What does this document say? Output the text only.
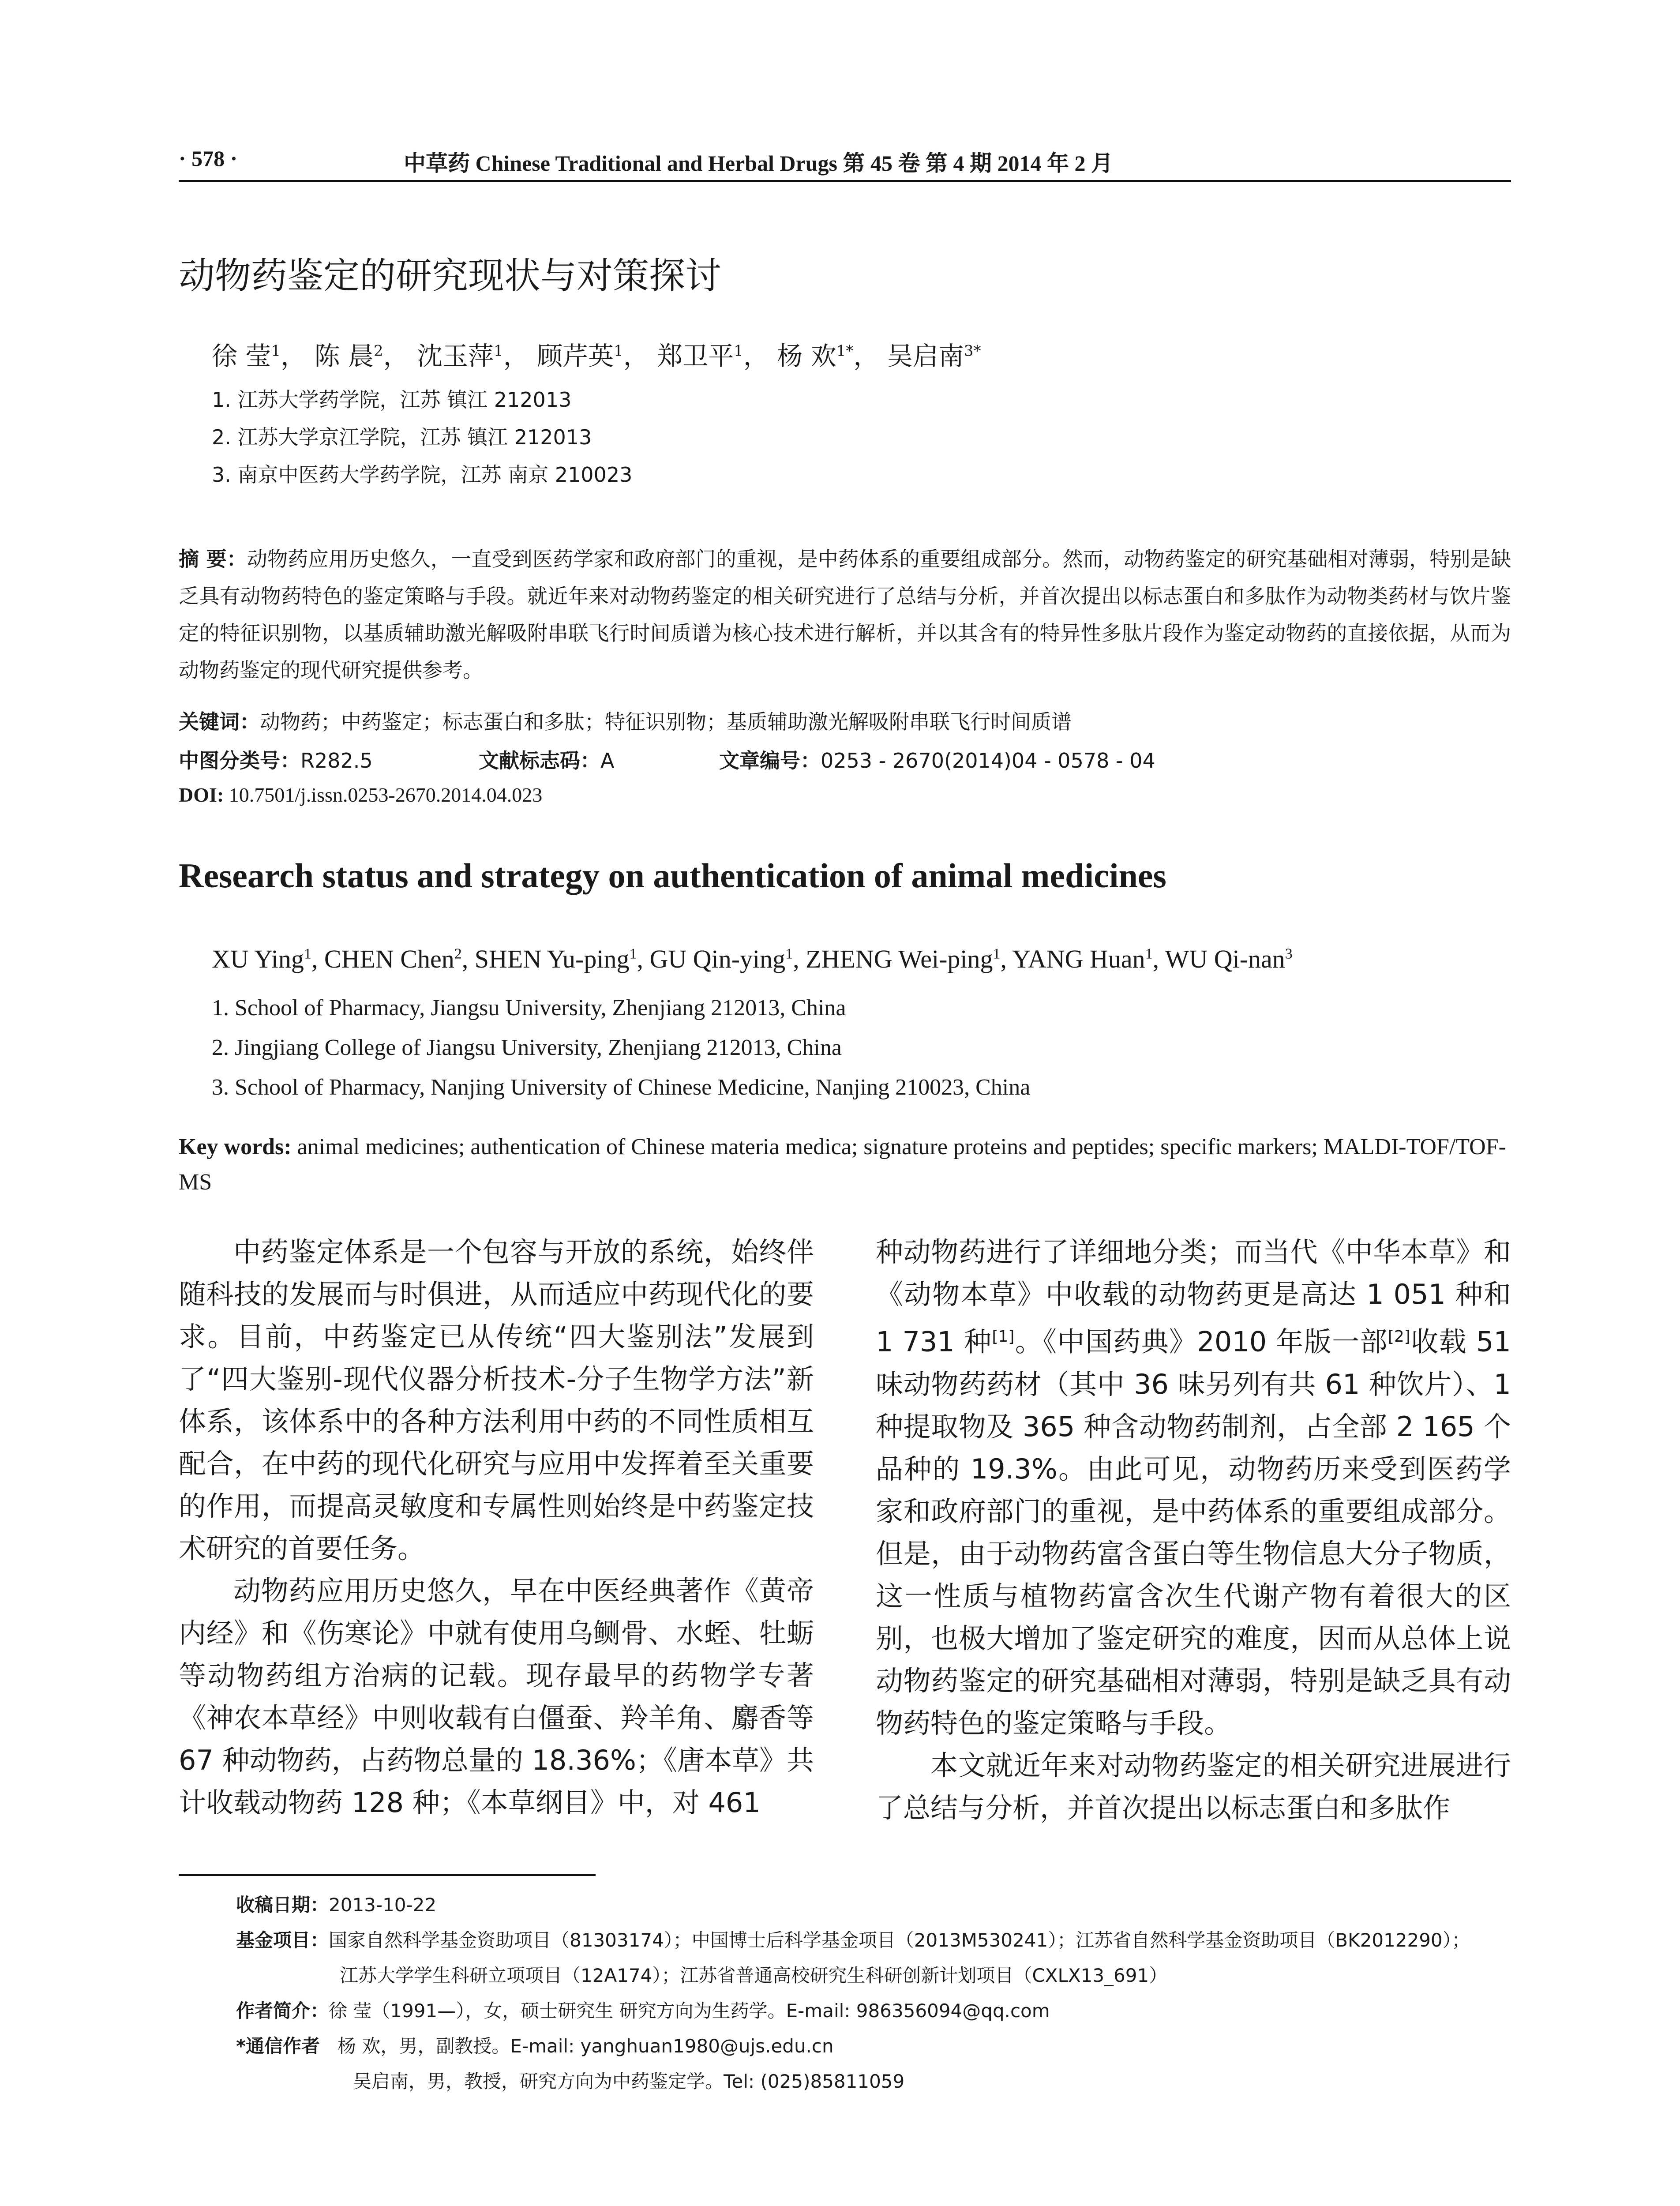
· 578 ·	中草药 Chinese Traditional and Herbal Drugs 第 45 卷 第 4 期 2014 年 2 月
动物药鉴定的研究现状与对策探讨
徐 莹$^1$， 陈 晨$^2$， 沈玉萍$^1$， 顾芹英$^1$， 郑卫平$^1$， 杨 欢$^{1*}$， 吴启南$^{3*}$
1. 江苏大学药学院，江苏 镇江 212013
2. 江苏大学京江学院，江苏 镇江 212013
3. 南京中医药大学药学院，江苏 南京 210023
摘 要：动物药应用历史悠久，一直受到医药学家和政府部门的重视，是中药体系的重要组成部分。然而，动物药鉴定的研究基础相对薄弱，特别是缺乏具有动物药特色的鉴定策略与手段。就近年来对动物药鉴定的相关研究进行了总结与分析，并首次提出以标志蛋白和多肽作为动物类药材与饮片鉴定的特征识别物，以基质辅助激光解吸附串联飞行时间质谱为核心技术进行解析，并以其含有的特异性多肽片段作为鉴定动物药的直接依据，从而为动物药鉴定的现代研究提供参考。
关键词：动物药；中药鉴定；标志蛋白和多肽；特征识别物；基质辅助激光解吸附串联飞行时间质谱
中图分类号：R282.5	文献标志码：A	文章编号：0253 - 2670(2014)04 - 0578 - 04
DOI: 10.7501/j.issn.0253-2670.2014.04.023
Research status and strategy on authentication of animal medicines
XU Ying$^1$, CHEN Chen$^2$, SHEN Yu-ping$^1$, GU Qin-ying$^1$, ZHENG Wei-ping$^1$, YANG Huan$^1$, WU Qi-nan$^3$
1. School of Pharmacy, Jiangsu University, Zhenjiang 212013, China
2. Jingjiang College of Jiangsu University, Zhenjiang 212013, China
3. School of Pharmacy, Nanjing University of Chinese Medicine, Nanjing 210023, China
Key words: animal medicines; authentication of Chinese materia medica; signature proteins and peptides; specific markers; MALDI-TOF/TOF-MS

中药鉴定体系是一个包容与开放的系统，始终伴随科技的发展而与时俱进，从而适应中药现代化的要求。目前，中药鉴定已从传统“四大鉴别法”发展到了“四大鉴别-现代仪器分析技术-分子生物学方法”新体系，该体系中的各种方法利用中药的不同性质相互配合，在中药的现代化研究与应用中发挥着至关重要的作用，而提高灵敏度和专属性则始终是中药鉴定技术研究的首要任务。

动物药应用历史悠久，早在中医经典著作《黄帝内经》和《伤寒论》中就有使用乌鲗骨、水蛭、牡蛎等动物药组方治病的记载。现存最早的药物学专著《神农本草经》中则收载有白僵蚕、羚羊角、麝香等 67 种动物药，占药物总量的 18.36%；《唐本草》共计收载动物药 128 种；《本草纲目》中，对 461

种动物药进行了详细地分类；而当代《中华本草》和《动物本草》中收载的动物药更是高达 1 051 种和 1 731 种[1]。《中国药典》2010 年版一部[2]收载 51 味动物药药材（其中 36 味另列有共 61 种饮片）、1 种提取物及 365 种含动物药制剂，占全部 2 165 个品种的 19.3%。由此可见，动物药历来受到医药学家和政府部门的重视，是中药体系的重要组成部分。但是，由于动物药富含蛋白等生物信息大分子物质，这一性质与植物药富含次生代谢产物有着很大的区别，也极大增加了鉴定研究的难度，因而从总体上说动物药鉴定的研究基础相对薄弱，特别是缺乏具有动物药特色的鉴定策略与手段。

本文就近年来对动物药鉴定的相关研究进展进行了总结与分析，并首次提出以标志蛋白和多肽作

收稿日期：2013-10-22
基金项目：国家自然科学基金资助项目（81303174）；中国博士后科学基金项目（2013M530241）；江苏省自然科学基金资助项目（BK2012290）；
江苏大学学生科研立项项目（12A174）；江苏省普通高校研究生科研创新计划项目（CXLX13_691）
作者简介：徐 莹（1991—），女，硕士研究生 研究方向为生药学。E-mail: 986356094@qq.com
*通信作者 杨 欢，男，副教授。E-mail: yanghuan1980@ujs.edu.cn
吴启南，男，教授，研究方向为中药鉴定学。Tel: (025)85811059
